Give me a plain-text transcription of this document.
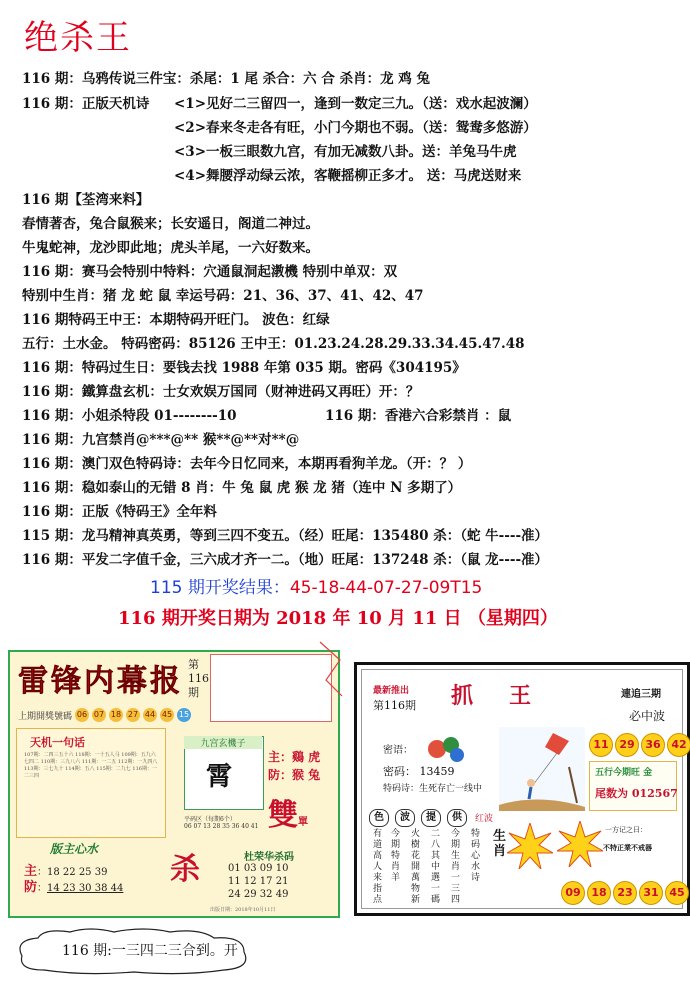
绝杀王
116 期：乌鸦传说三件宝：杀尾：1 尾 杀合：六 合 杀肖：龙 鸡 兔
116 期：正版天机诗 <1>见好二三留四一，逢到一数定三九。（送：戏水起波澜）
<2>春来冬走各有旺，小门今期也不弱。（送：鸳鸯多悠游）
<3>一板三眼数九宫，有加无减数八卦。送：羊兔马牛虎
<4>舞腰浮动绿云浓，客鞭摇柳正多才。 送：马虎送财来
116 期【荃湾来料】
春情著杏，兔合鼠猴来；长安遥日，阁道二神过。
牛鬼蛇神，龙沙即此地；虎头羊尾，一六好数来。
116 期：赛马会特别中特料：穴通鼠洞起漖機 特别中单双：双
特别中生肖：猪 龙 蛇 鼠 幸运号码：21、36、37、41、42、47
116 期特码王中王：本期特码开旺门。 波色：红绿
五行：土水金。 特码密码：85126 王中王：01.23.24.28.29.33.34.45.47.48
116 期：特码过生日：要钱去找 1988 年第 035 期。密码《304195》
116 期：鐵算盘玄机：士女欢娱万国同（财神进码又再旺）开：？
116 期：小姐杀特段 01--------10	116 期：香港六合彩禁肖 ：鼠
116 期：九宫禁肖@***@** 猴**@**对**@
116 期：澳门双色特码诗：去年今日忆同来，本期再看狗羊龙。（开：？ ）
116 期：稳如泰山的无错 8 肖：牛 兔 鼠 虎 猴 龙 猪（连中 N 多期了）
116 期：正版《特码王》全年料
115 期：龙马精神真英勇，等到三四不变五。（经）旺尾：135480 杀：（蛇 牛----准）
116 期：平发二字值千金，三六成才齐一二。（地）旺尾：137248 杀：（鼠 龙----准）
115 期开奖结果：45-18-44-07-27-09T15
116 期开奖日期为 2018 年 10 月 11 日 （星期四）
雷锋内幕报 第116期
上期開獎號碼 06 07 18 27 44 45 15
天机一句话
107期：二四三五十六 118期：一十五人马 109期：五九六七四二 110期：三九八六 111期：一二五 112期：一九四八 113期：三七九十 114期：五八 115期：二九七 116期：一二三四
版主心水
主：18 22 25 39
防：14 23 30 38 44
九宫玄機子
霄
主：鷄 虎
防：猴 兔
雙單
平码区（每期6个）
06 07 13 28 35 36 40 41
杀	杜荣华杀码
01 03 09 10
11 12 17 21
24 29 32 49
出版日期：2018年10月11日
最新推出
第116期 抓王	連追三期
必中波
密语：
密码： 13459
特码诗：生死存亡一线中
11 29 36 42
五行今期旺 金
尾数为 012567
色	波	提	供	红波
今期特肖 羊
有道高人来指点
火樹花開萬物新
二八其中選一碼
今期生肖一三四
特码心水诗
生肖
一方记之曰：
不特正業不戒器
09 18 23 31 45
116 期:一三四二三合到。开
